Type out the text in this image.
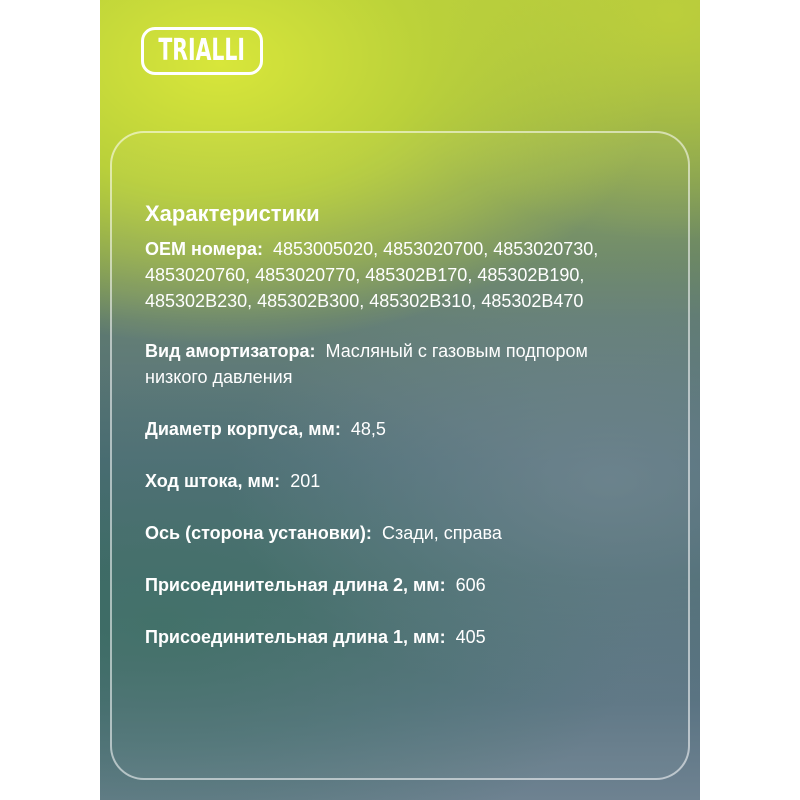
TRIALLI
Характеристики

OEM номера: 4853005020, 4853020700, 4853020730, 4853020760, 4853020770, 485302B170, 485302B190, 485302B230, 485302B300, 485302B310, 485302B470

Вид амортизатора: Масляный с газовым подпором низкого давления

Диаметр корпуса, мм: 48,5

Ход штока, мм: 201

Ось (сторона установки): Сзади, справа

Присоединительная длина 2, мм: 606

Присоединительная длина 1, мм: 405
